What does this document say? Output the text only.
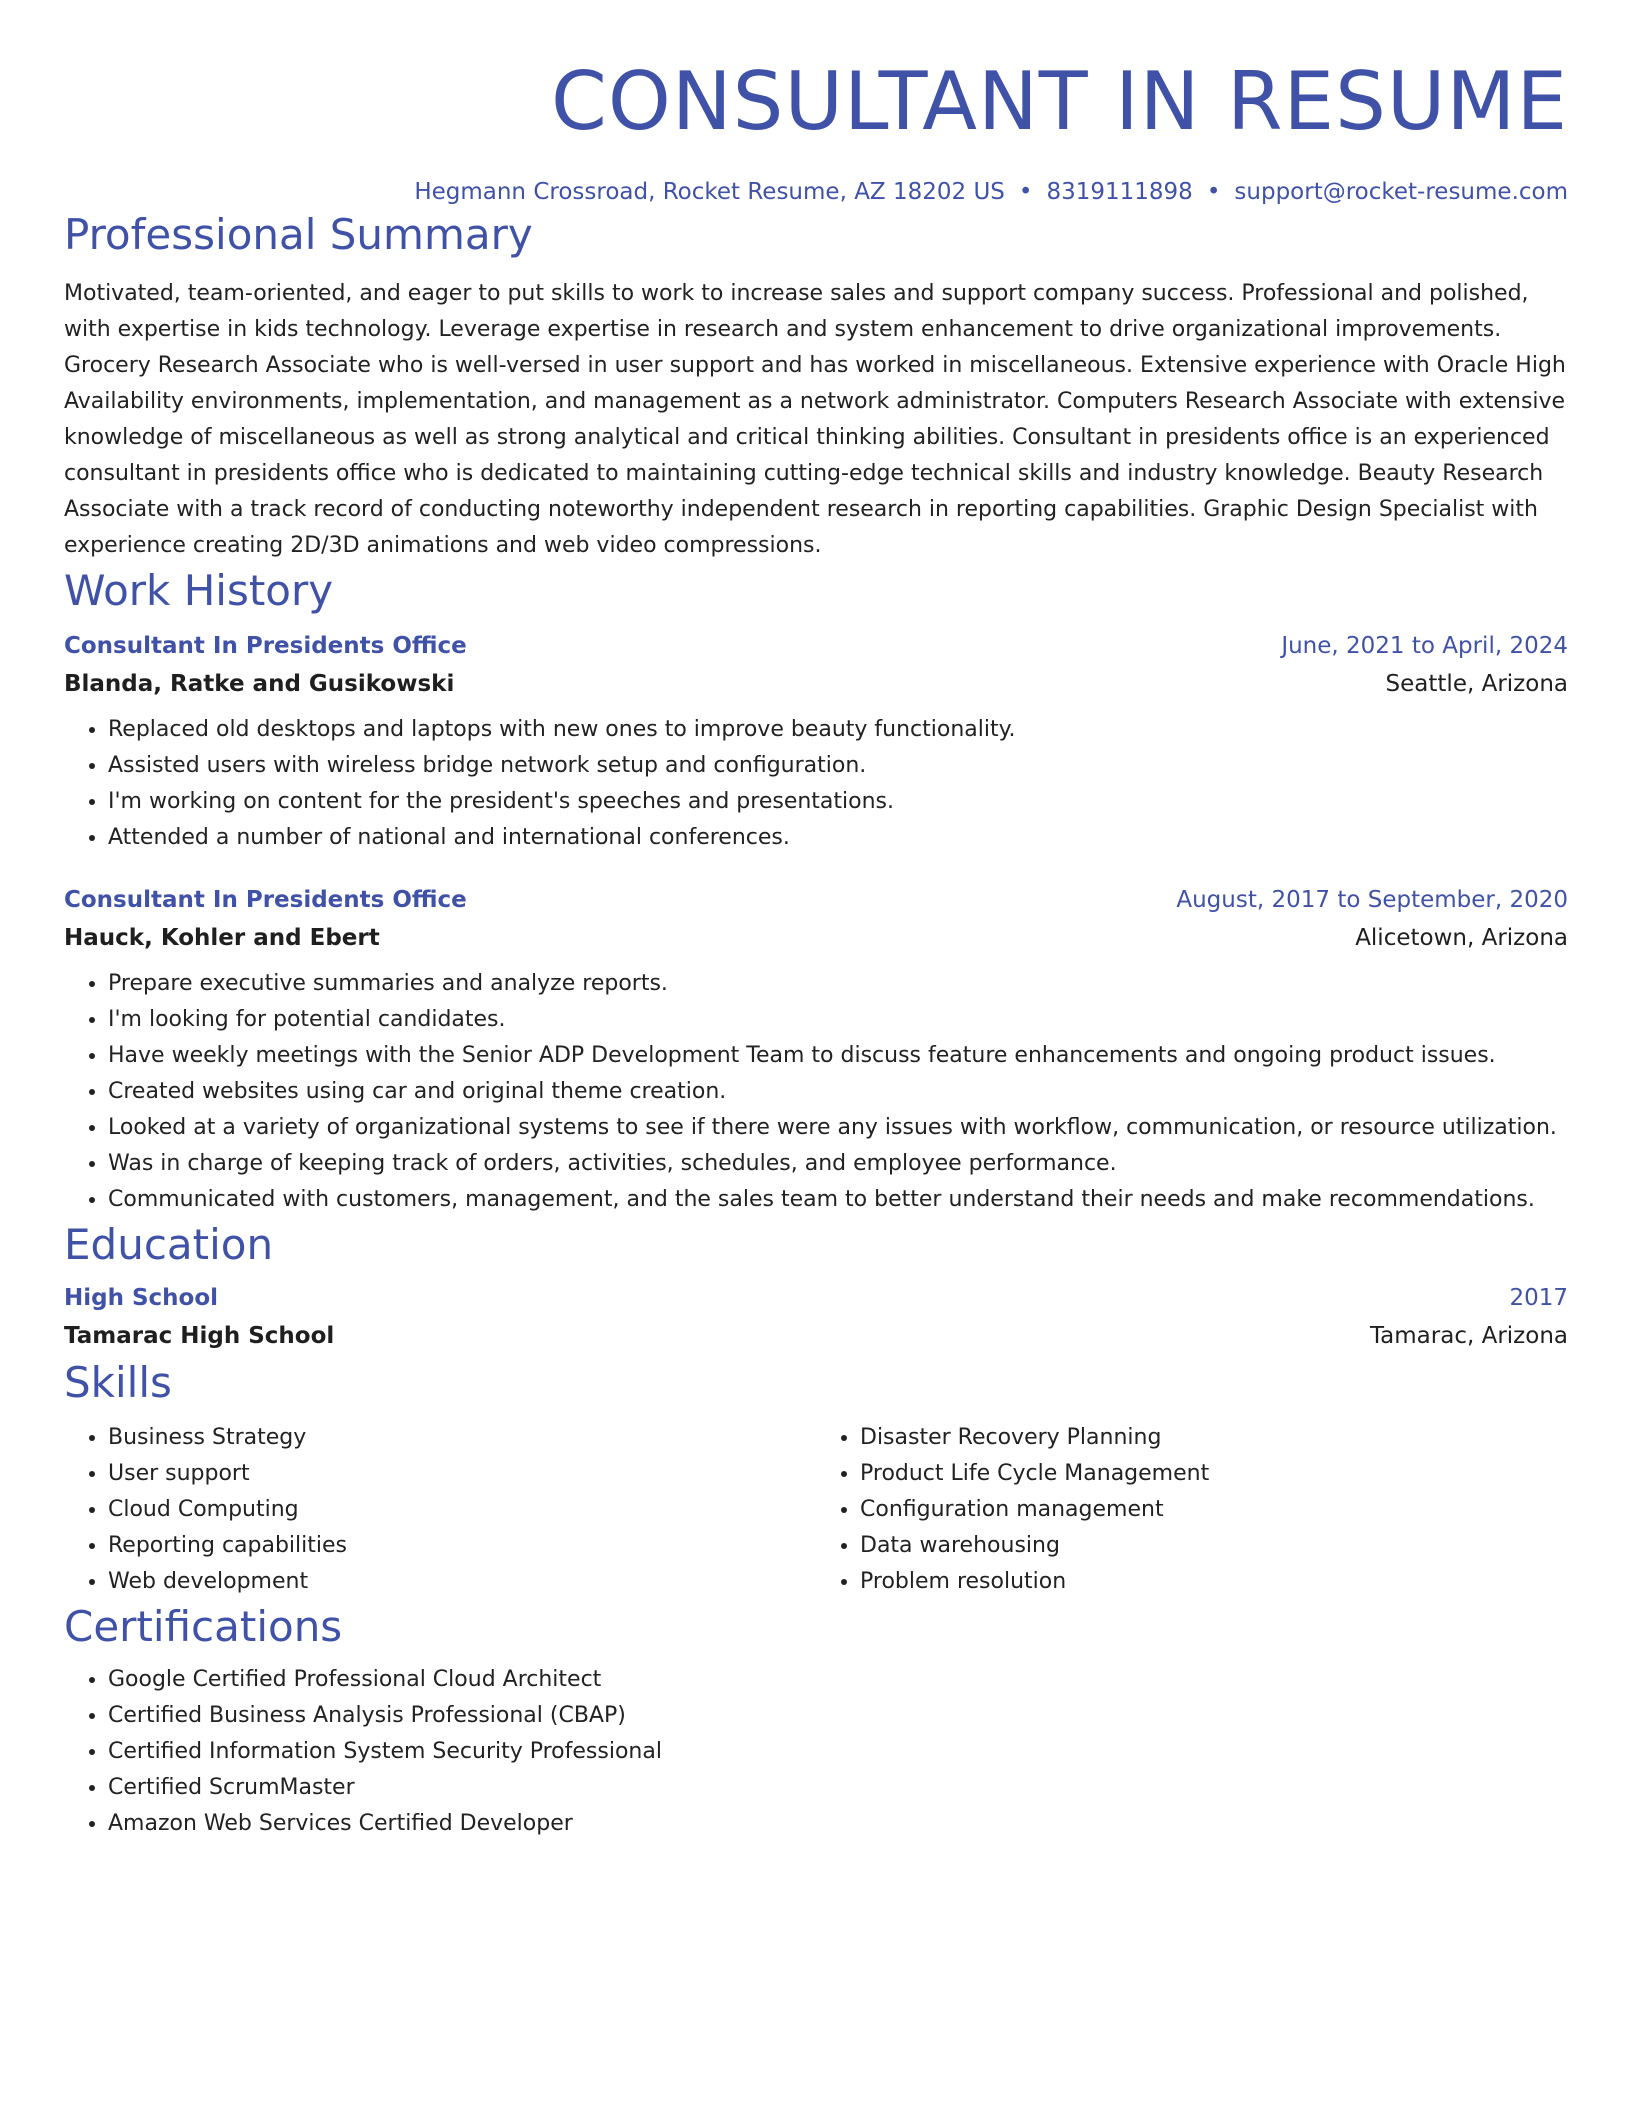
CONSULTANT IN RESUME
Hegmann Crossroad, Rocket Resume, AZ 18202 US • 8319111898 • support@rocket-resume.com
Professional Summary

Motivated, team-oriented, and eager to put skills to work to increase sales and support company success. Professional and polished, with expertise in kids technology. Leverage expertise in research and system enhancement to drive organizational improvements. Grocery Research Associate who is well-versed in user support and has worked in miscellaneous. Extensive experience with Oracle High Availability environments, implementation, and management as a network administrator. Computers Research Associate with extensive knowledge of miscellaneous as well as strong analytical and critical thinking abilities. Consultant in presidents office is an experienced consultant in presidents office who is dedicated to maintaining cutting-edge technical skills and industry knowledge. Beauty Research Associate with a track record of conducting noteworthy independent research in reporting capabilities. Graphic Design Specialist with experience creating 2D/3D animations and web video compressions.

Work History
Consultant In Presidents Office	June, 2021 to April, 2024
Blanda, Ratke and Gusikowski	Seattle, Arizona
• Replaced old desktops and laptops with new ones to improve beauty functionality.
• Assisted users with wireless bridge network setup and configuration.
• I'm working on content for the president's speeches and presentations.
• Attended a number of national and international conferences.
Consultant In Presidents Office	August, 2017 to September, 2020
Hauck, Kohler and Ebert	Alicetown, Arizona
• Prepare executive summaries and analyze reports.
• I'm looking for potential candidates.
• Have weekly meetings with the Senior ADP Development Team to discuss feature enhancements and ongoing product issues.
• Created websites using car and original theme creation.
• Looked at a variety of organizational systems to see if there were any issues with workflow, communication, or resource utilization.
• Was in charge of keeping track of orders, activities, schedules, and employee performance.
• Communicated with customers, management, and the sales team to better understand their needs and make recommendations.
Education
High School	2017
Tamarac High School	Tamarac, Arizona
Skills
• Business Strategy
• User support
• Cloud Computing
• Reporting capabilities
• Web development
• Disaster Recovery Planning
• Product Life Cycle Management
• Configuration management
• Data warehousing
• Problem resolution
Certifications
• Google Certified Professional Cloud Architect
• Certified Business Analysis Professional (CBAP)
• Certified Information System Security Professional
• Certified ScrumMaster
• Amazon Web Services Certified Developer
